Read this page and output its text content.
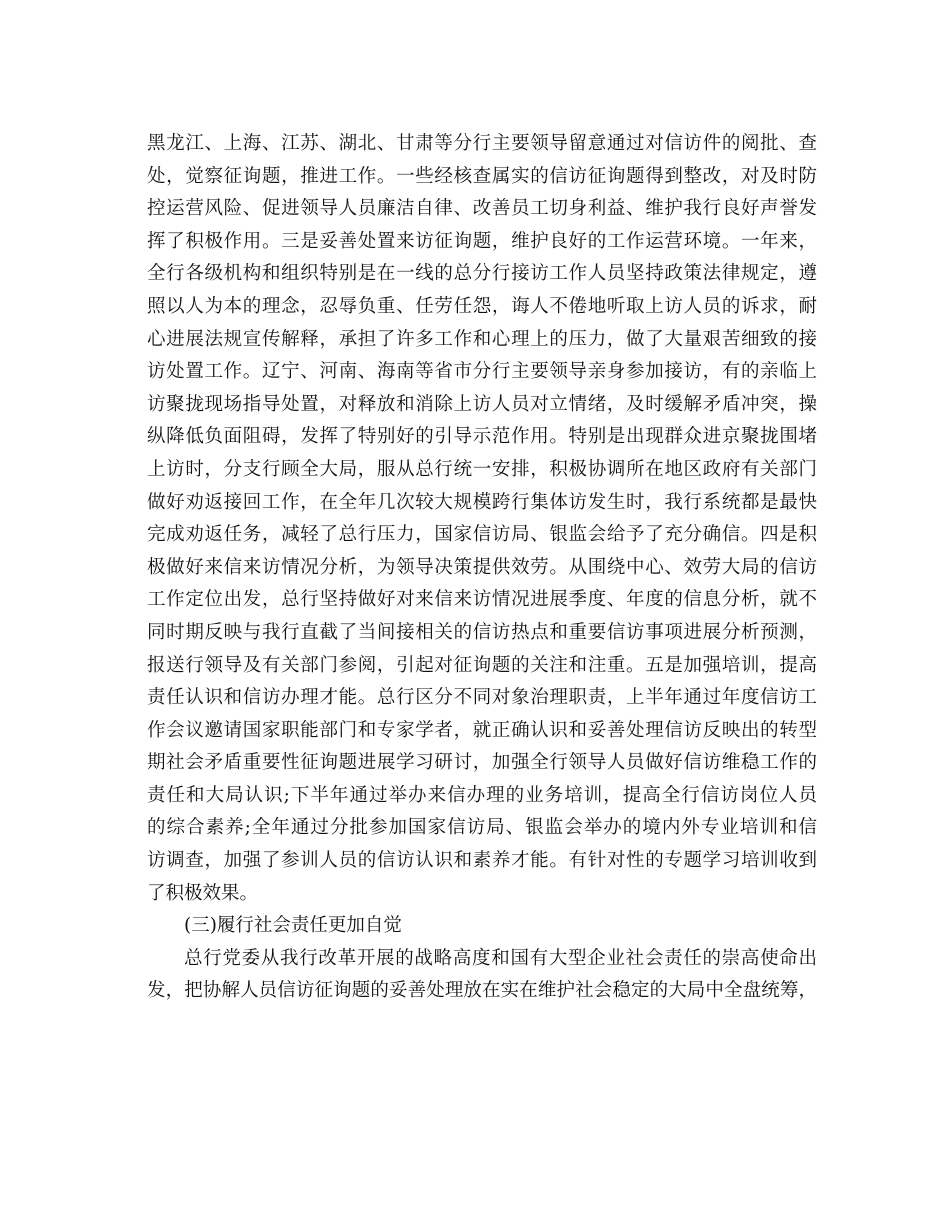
黑龙江、上海、江苏、湖北、甘肃等分行主要领导留意通过对信访件的阅批、查
处，觉察征询题，推进工作。一些经核查属实的信访征询题得到整改，对及时防
控运营风险、促进领导人员廉洁自律、改善员工切身利益、维护我行良好声誉发
挥了积极作用。三是妥善处置来访征询题，维护良好的工作运营环境。一年来，
全行各级机构和组织特别是在一线的总分行接访工作人员坚持政策法律规定，遵
照以人为本的理念，忍辱负重、任劳任怨，诲人不倦地听取上访人员的诉求，耐
心进展法规宣传解释，承担了许多工作和心理上的压力，做了大量艰苦细致的接
访处置工作。辽宁、河南、海南等省市分行主要领导亲身参加接访，有的亲临上
访聚拢现场指导处置，对释放和消除上访人员对立情绪，及时缓解矛盾冲突，操
纵降低负面阻碍，发挥了特别好的引导示范作用。特别是出现群众进京聚拢围堵
上访时，分支行顾全大局，服从总行统一安排，积极协调所在地区政府有关部门
做好劝返接回工作，在全年几次较大规模跨行集体访发生时，我行系统都是最快
完成劝返任务，减轻了总行压力，国家信访局、银监会给予了充分确信。四是积
极做好来信来访情况分析，为领导决策提供效劳。从围绕中心、效劳大局的信访
工作定位出发，总行坚持做好对来信来访情况进展季度、年度的信息分析，就不
同时期反映与我行直截了当间接相关的信访热点和重要信访事项进展分析预测，
报送行领导及有关部门参阅，引起对征询题的关注和注重。五是加强培训，提高
责任认识和信访办理才能。总行区分不同对象治理职责，上半年通过年度信访工
作会议邀请国家职能部门和专家学者，就正确认识和妥善处理信访反映出的转型
期社会矛盾重要性征询题进展学习研讨，加强全行领导人员做好信访维稳工作的
责任和大局认识;下半年通过举办来信办理的业务培训，提高全行信访岗位人员
的综合素养;全年通过分批参加国家信访局、银监会举办的境内外专业培训和信
访调查，加强了参训人员的信访认识和素养才能。有针对性的专题学习培训收到
了积极效果。
(三)履行社会责任更加自觉
总行党委从我行改革开展的战略高度和国有大型企业社会责任的崇高使命出
发，把协解人员信访征询题的妥善处理放在实在维护社会稳定的大局中全盘统筹，
